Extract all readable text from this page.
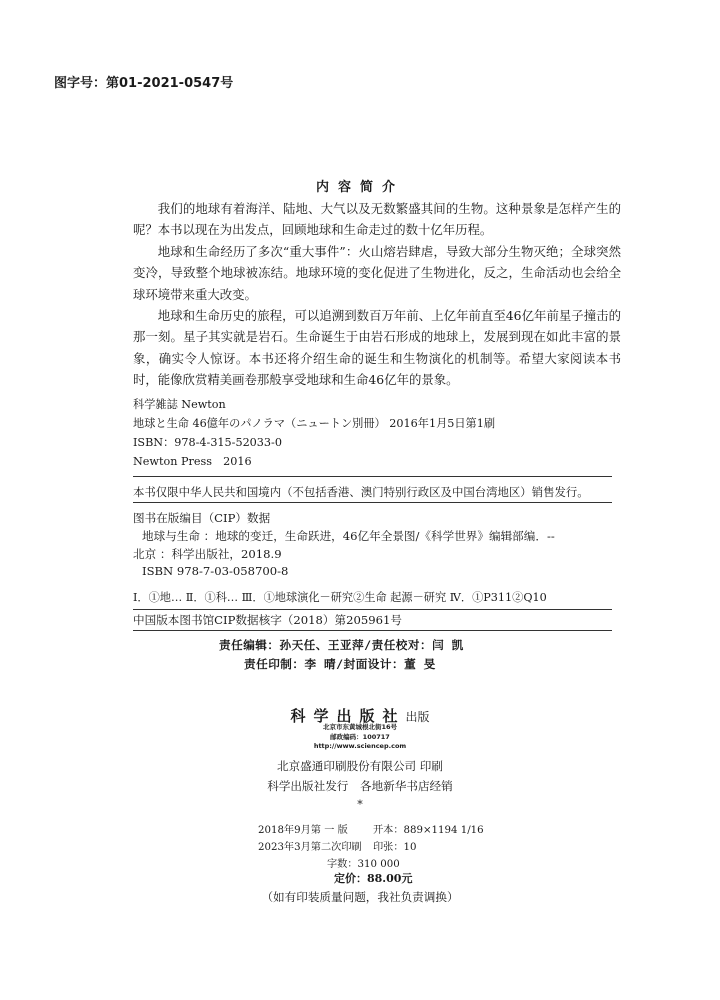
图字号：第01-2021-0547号
内容简介

我们的地球有着海洋、陆地、大气以及无数繁盛其间的生物。这种景象是怎样产生的呢？本书以现在为出发点，回顾地球和生命走过的数十亿年历程。

地球和生命经历了多次“重大事件”：火山熔岩肆虐，导致大部分生物灭绝；全球突然变冷，导致整个地球被冻结。地球环境的变化促进了生物进化，反之，生命活动也会给全球环境带来重大改变。

地球和生命历史的旅程，可以追溯到数百万年前、上亿年前直至46亿年前星子撞击的那一刻。星子其实就是岩石。生命诞生于由岩石形成的地球上，发展到现在如此丰富的景象，确实令人惊讶。本书还将介绍生命的诞生和生物演化的机制等。希望大家阅读本书时，能像欣赏精美画卷那般享受地球和生命46亿年的景象。

科学雑誌 Newton
地球と生命 46億年のパノラマ（ニュートン別冊） 2016年1月5日第1刷
ISBN：978-4-315-52033-0
Newton Press　2016
本书仅限中华人民共和国境内（不包括香港、澳门特别行政区及中国台湾地区）销售发行。
图书在版编目（CIP）数据
地球与生命 ：地球的变迁，生命跃进，46亿年全景图/《科学世界》编辑部编．--
北京 ：科学出版社，2018.9
ISBN 978-7-03-058700-8
Ⅰ．①地… Ⅱ．①科… Ⅲ．①地球演化－研究②生命 起源－研究 Ⅳ．①P311②Q10
中国版本图书馆CIP数据核字（2018）第205961号
责任编辑：孙天任、王亚萍/责任校对：闫 凯
责任印制：李 晴/封面设计：董 旻
科学出版社出版
北京市东黄城根北街16号
邮政编码：100717
http://www.sciencep.com
北京盛通印刷股份有限公司 印刷
科学出版社发行　各地新华书店经销
*
2018年9月第 一 版 开本：889×1194 1/16
2023年3月第二次印刷 印张：10
字数：310 000
定价：88.00元
（如有印装质量问题，我社负责调换）
